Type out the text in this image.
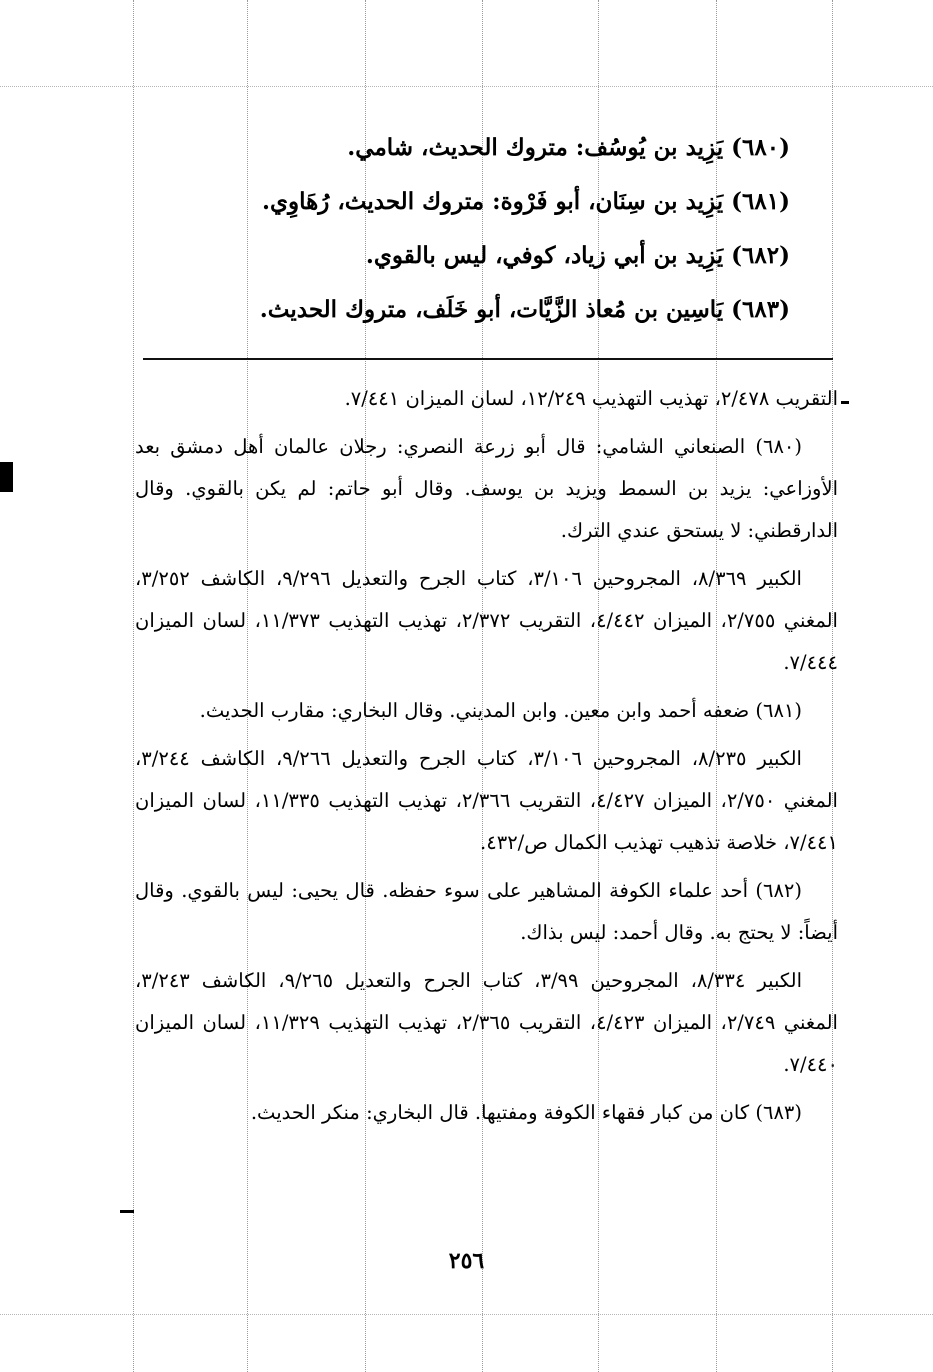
(٦٨٠) يَزِيد بن يُوسُف: متروك الحديث، شامي.
(٦٨١) يَزِيد بن سِنَان، أبو فَرْوة: متروك الحديث، رُهَاوِي.
(٦٨٢) يَزِيد بن أبي زياد، كوفي، ليس بالقوي.
(٦٨٣) يَاسِين بن مُعاذ الزَّيَّات، أبو خَلَف، متروك الحديث.

التقريب ٢/٤٧٨، تهذيب التهذيب ١٢/٢٤٩، لسان الميزان ٧/٤٤١.

(٦٨٠) الصنعاني الشامي: قال أبو زرعة النصري: رجلان عالمان أهل دمشق بعد الأوزاعي: يزيد بن السمط ويزيد بن يوسف. وقال أبو حاتم: لم يكن بالقوي. وقال الدارقطني: لا يستحق عندي الترك.

الكبير ٨/٣٦٩، المجروحين ٣/١٠٦، كتاب الجرح والتعديل ٩/٢٩٦، الكاشف ٣/٢٥٢، المغني ٢/٧٥٥، الميزان ٤/٤٤٢، التقريب ٢/٣٧٢، تهذيب التهذيب ١١/٣٧٣، لسان الميزان ٧/٤٤٤.

(٦٨١) ضعفه أحمد وابن معين. وابن المديني. وقال البخاري: مقارب الحديث.

الكبير ٨/٢٣٥، المجروحين ٣/١٠٦، كتاب الجرح والتعديل ٩/٢٦٦، الكاشف ٣/٢٤٤، المغني ٢/٧٥٠، الميزان ٤/٤٢٧، التقريب ٢/٣٦٦، تهذيب التهذيب ١١/٣٣٥، لسان الميزان ٧/٤٤١، خلاصة تذهيب تهذيب الكمال ص/٤٣٢.

(٦٨٢) أحد علماء الكوفة المشاهير على سوء حفظه. قال يحيى: ليس بالقوي. وقال أيضاً: لا يحتج به. وقال أحمد: ليس بذاك.

الكبير ٨/٣٣٤، المجروحين ٣/٩٩، كتاب الجرح والتعديل ٩/٢٦٥، الكاشف ٣/٢٤٣، المغني ٢/٧٤٩، الميزان ٤/٤٢٣، التقريب ٢/٣٦٥، تهذيب التهذيب ١١/٣٢٩، لسان الميزان ٧/٤٤٠.

(٦٨٣) كان من كبار فقهاء الكوفة ومفتيها. قال البخاري: منكر الحديث.

٢٥٦
